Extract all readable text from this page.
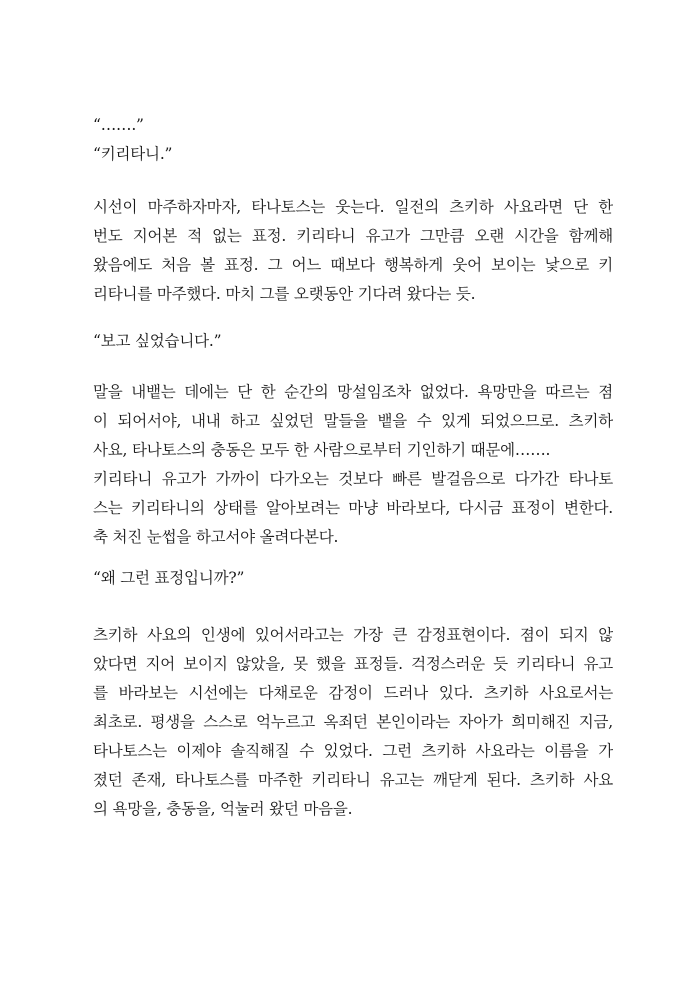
“…….”
“키리타니.”
시선이 마주하자마자, 타나토스는 웃는다. 일전의 츠키하 사요라면 단 한
번도 지어본 적 없는 표정. 키리타니 유고가 그만큼 오랜 시간을 함께해
왔음에도 처음 볼 표정. 그 어느 때보다 행복하게 웃어 보이는 낯으로 키
리타니를 마주했다. 마치 그를 오랫동안 기다려 왔다는 듯.
“보고 싶었습니다.”
말을 내뱉는 데에는 단 한 순간의 망설임조차 없었다. 욕망만을 따르는 졈
이 되어서야, 내내 하고 싶었던 말들을 뱉을 수 있게 되었으므로. 츠키하
사요, 타나토스의 충동은 모두 한 사람으로부터 기인하기 때문에…….
키리타니 유고가 가까이 다가오는 것보다 빠른 발걸음으로 다가간 타나토
스는 키리타니의 상태를 알아보려는 마냥 바라보다, 다시금 표정이 변한다.
축 처진 눈썹을 하고서야 올려다본다.
“왜 그런 표정입니까?”
츠키하 사요의 인생에 있어서라고는 가장 큰 감정표현이다. 졈이 되지 않
았다면 지어 보이지 않았을, 못 했을 표정들. 걱정스러운 듯 키리타니 유고
를 바라보는 시선에는 다채로운 감정이 드러나 있다. 츠키하 사요로서는
최초로. 평생을 스스로 억누르고 옥죄던 본인이라는 자아가 희미해진 지금,
타나토스는 이제야 솔직해질 수 있었다. 그런 츠키하 사요라는 이름을 가
졌던 존재, 타나토스를 마주한 키리타니 유고는 깨닫게 된다. 츠키하 사요
의 욕망을, 충동을, 억눌러 왔던 마음을.
